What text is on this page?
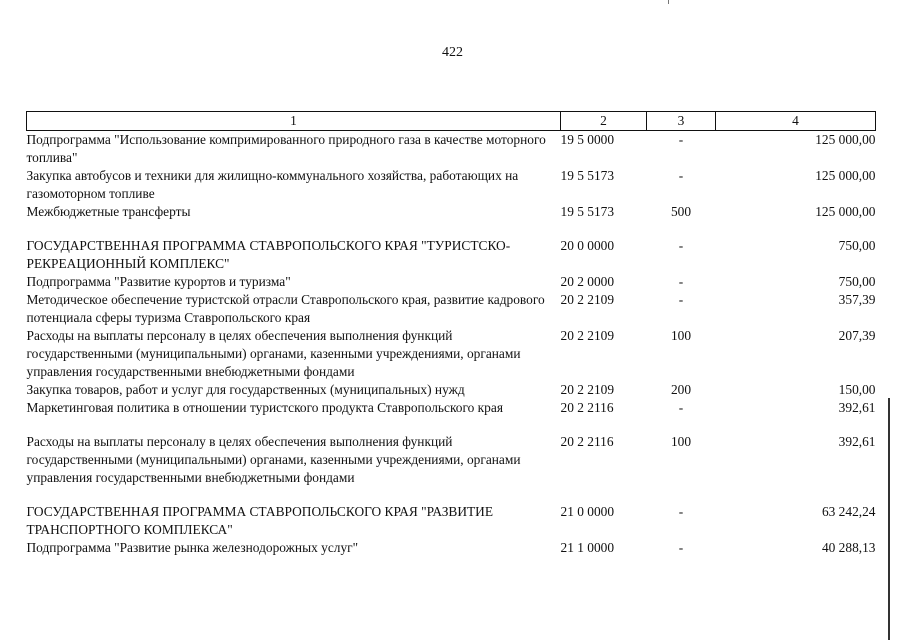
422
1	2	3	4
Подпрограмма "Использование компримированного природного газа в качестве моторного топлива"	19 5 0000	-	125 000,00
Закупка автобусов и техники для жилищно-коммунального хозяйства, работающих на газомоторном топливе	19 5 5173	-	125 000,00
Межбюджетные трансферты	19 5 5173	500	125 000,00

ГОСУДАРСТВЕННАЯ ПРОГРАММА СТАВРОПОЛЬСКОГО КРАЯ "ТУРИСТСКО-РЕКРЕАЦИОННЫЙ КОМПЛЕКС"	20 0 0000	-	750,00
Подпрограмма "Развитие курортов и туризма"	20 2 0000	-	750,00
Методическое обеспечение туристской отрасли Ставропольского края, развитие кадрового потенциала сферы туризма Ставропольского края	20 2 2109	-	357,39
Расходы на выплаты персоналу в целях обеспечения выполнения функций государственными (муниципальными) органами, казенными учреждениями, органами управления государственными внебюджетными фондами	20 2 2109	100	207,39
Закупка товаров, работ и услуг для государственных (муниципальных) нужд	20 2 2109	200	150,00
Маркетинговая политика в отношении туристского продукта Ставропольского края	20 2 2116	-	392,61

Расходы на выплаты персоналу в целях обеспечения выполнения функций государственными (муниципальными) органами, казенными учреждениями, органами управления государственными внебюджетными фондами	20 2 2116	100	392,61

ГОСУДАРСТВЕННАЯ ПРОГРАММА СТАВРОПОЛЬСКОГО КРАЯ "РАЗВИТИЕ ТРАНСПОРТНОГО КОМПЛЕКСА"	21 0 0000	-	63 242,24
Подпрограмма "Развитие рынка железнодорожных услуг"	21 1 0000	-	40 288,13
